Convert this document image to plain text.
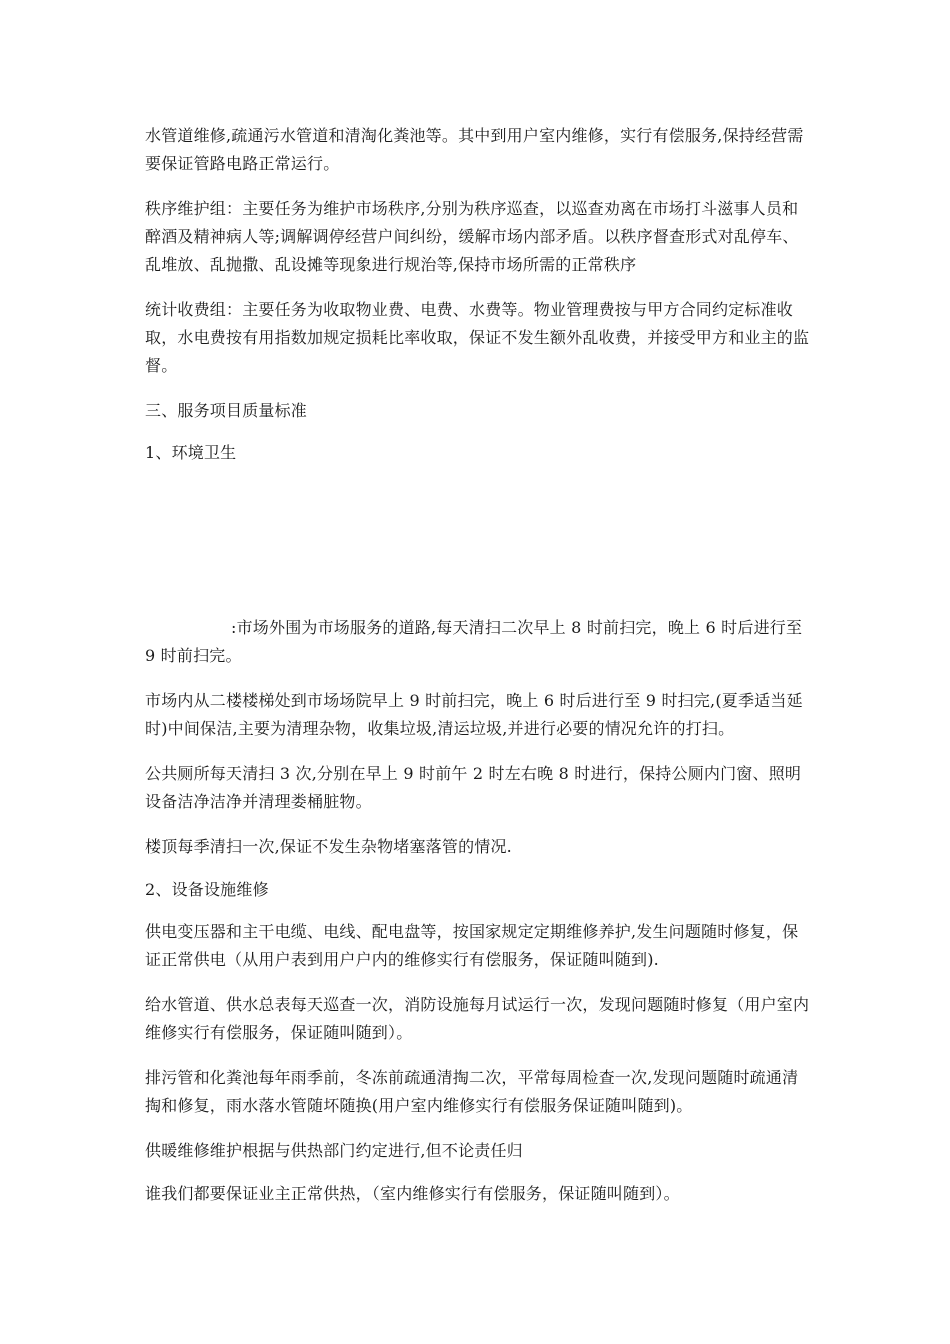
水管道维修,疏通污水管道和清淘化粪池等。其中到用户室内维修，实行有偿服务,保持经营需要保证管路电路正常运行。

秩序维护组：主要任务为维护市场秩序,分别为秩序巡查，以巡查劝离在市场打斗滋事人员和醉酒及精神病人等;调解调停经营户间纠纷，缓解市场内部矛盾。以秩序督查形式对乱停车、乱堆放、乱抛撒、乱设摊等现象进行规治等,保持市场所需的正常秩序

统计收费组：主要任务为收取物业费、电费、水费等。物业管理费按与甲方合同约定标准收取，水电费按有用指数加规定损耗比率收取，保证不发生额外乱收费，并接受甲方和业主的监督。

三、服务项目质量标准

1、环境卫生

:市场外围为市场服务的道路,每天清扫二次早上 8 时前扫完，晚上 6 时后进行至 9 时前扫完。

市场内从二楼楼梯处到市场场院早上 9 时前扫完，晚上 6 时后进行至 9 时扫完,(夏季适当延时)中间保洁,主要为清理杂物，收集垃圾,清运垃圾,并进行必要的情况允许的打扫。

公共厕所每天清扫 3 次,分别在早上 9 时前午 2 时左右晚 8 时进行，保持公厕内门窗、照明设备洁净洁净并清理娄桶脏物。

楼顶每季清扫一次,保证不发生杂物堵塞落管的情况.

2、设备设施维修

供电变压器和主干电缆、电线、配电盘等，按国家规定定期维修养护,发生问题随时修复，保证正常供电（从用户表到用户户内的维修实行有偿服务，保证随叫随到).

给水管道、供水总表每天巡查一次，消防设施每月试运行一次，发现问题随时修复（用户室内维修实行有偿服务，保证随叫随到）。

排污管和化粪池每年雨季前，冬冻前疏通清掏二次，平常每周检查一次,发现问题随时疏通清掏和修复，雨水落水管随坏随换(用户室内维修实行有偿服务保证随叫随到)。

供暖维修维护根据与供热部门约定进行,但不论责任归

谁我们都要保证业主正常供热，（室内维修实行有偿服务，保证随叫随到）。
